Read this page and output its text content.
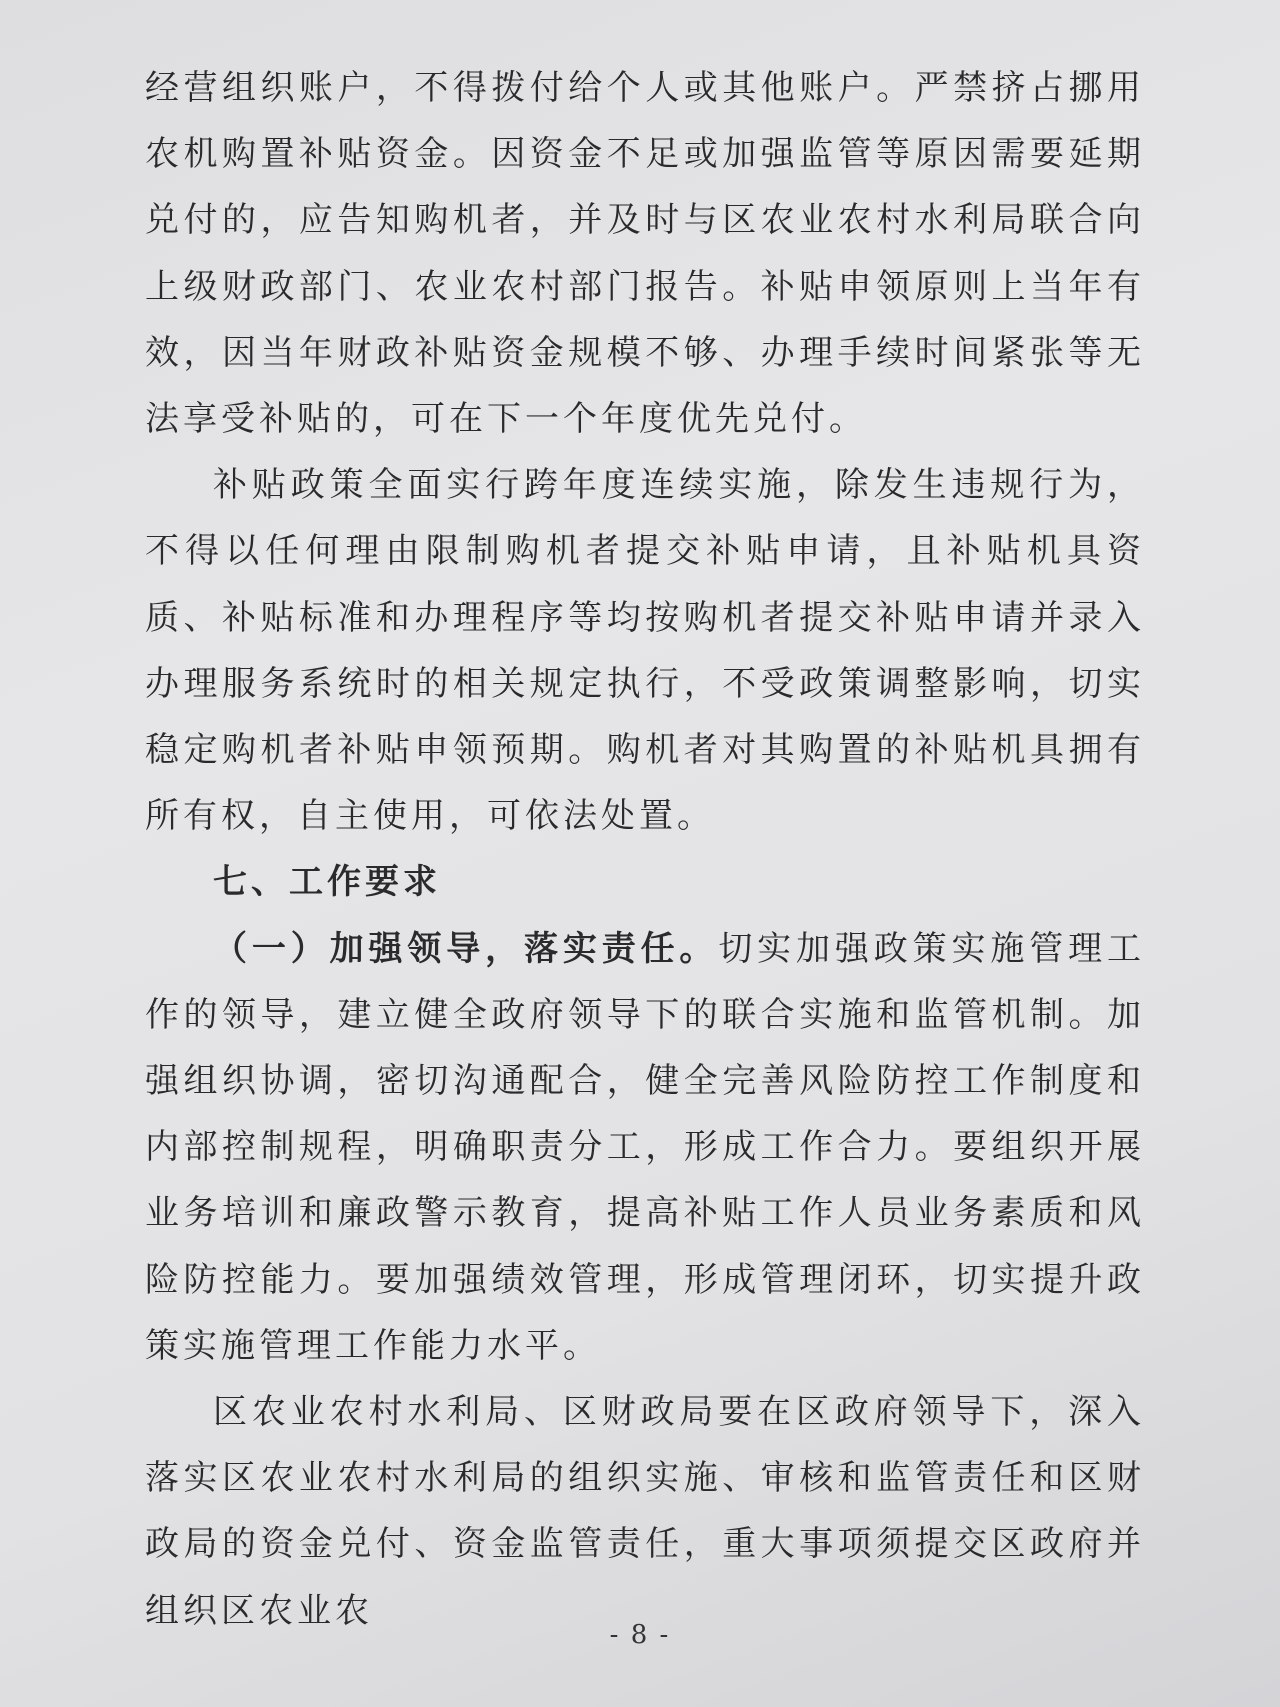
经营组织账户，不得拨付给个人或其他账户。严禁挤占挪用农机购置补贴资金。因资金不足或加强监管等原因需要延期兑付的，应告知购机者，并及时与区农业农村水利局联合向上级财政部门、农业农村部门报告。补贴申领原则上当年有效，因当年财政补贴资金规模不够、办理手续时间紧张等无法享受补贴的，可在下一个年度优先兑付。

补贴政策全面实行跨年度连续实施，除发生违规行为，不得以任何理由限制购机者提交补贴申请，且补贴机具资质、补贴标准和办理程序等均按购机者提交补贴申请并录入办理服务系统时的相关规定执行，不受政策调整影响，切实稳定购机者补贴申领预期。购机者对其购置的补贴机具拥有所有权，自主使用，可依法处置。

七、工作要求

（一）加强领导，落实责任。切实加强政策实施管理工作的领导，建立健全政府领导下的联合实施和监管机制。加强组织协调，密切沟通配合，健全完善风险防控工作制度和内部控制规程，明确职责分工，形成工作合力。要组织开展业务培训和廉政警示教育，提高补贴工作人员业务素质和风险防控能力。要加强绩效管理，形成管理闭环，切实提升政策实施管理工作能力水平。

区农业农村水利局、区财政局要在区政府领导下，深入落实区农业农村水利局的组织实施、审核和监管责任和区财政局的资金兑付、资金监管责任，重大事项须提交区政府并组织区农业农

- 8 -
